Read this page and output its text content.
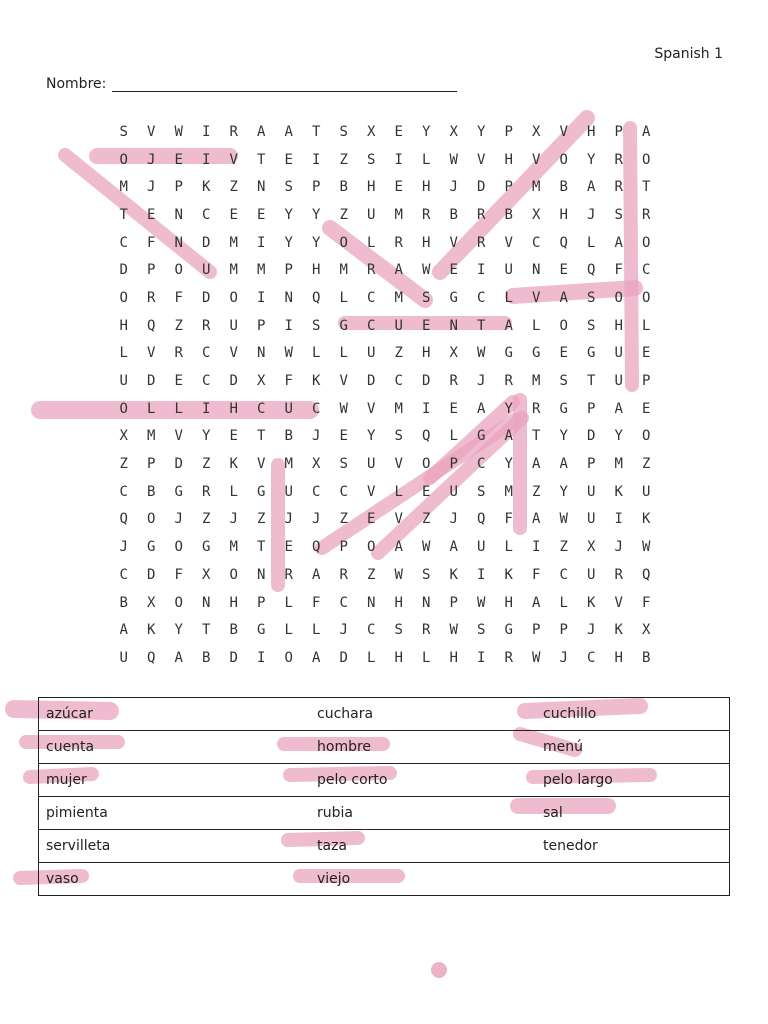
Spanish 1
Nombre:
S	V	W	I	R	A	A	T	S	X	E	Y	X	Y	P	X	V	H	P	A
O	J	E	I	V	T	E	I	Z	S	I	L	W	V	H	V	O	Y	R	O
M	J	P	K	Z	N	S	P	B	H	E	H	J	D	P	M	B	A	R	T
T	E	N	C	E	E	Y	Y	Z	U	M	R	B	R	B	X	H	J	S	R
C	F	N	D	M	I	Y	Y	O	L	R	H	V	R	V	C	Q	L	A	O
D	P	O	U	M	M	P	H	M	R	A	W	E	I	U	N	E	Q	F	C
O	R	F	D	O	I	N	Q	L	C	M	S	G	C	L	V	A	S	O	O
H	Q	Z	R	U	P	I	S	G	C	U	E	N	T	A	L	O	S	H	L
L	V	R	C	V	N	W	L	L	U	Z	H	X	W	G	G	E	G	U	E
U	D	E	C	D	X	F	K	V	D	C	D	R	J	R	M	S	T	U	P
O	L	L	I	H	C	U	C	W	V	M	I	E	A	Y	R	G	P	A	E
X	M	V	Y	E	T	B	J	E	Y	S	Q	L	G	A	T	Y	D	Y	O
Z	P	D	Z	K	V	M	X	S	U	V	O	P	C	Y	A	A	P	M	Z
C	B	G	R	L	G	U	C	C	V	L	E	U	S	M	Z	Y	U	K	U
Q	O	J	Z	J	Z	J	J	Z	E	V	Z	J	Q	F	A	W	U	I	K
J	G	O	G	M	T	E	Q	P	O	A	W	A	U	L	I	Z	X	J	W
C	D	F	X	O	N	R	A	R	Z	W	S	K	I	K	F	C	U	R	Q
B	X	O	N	H	P	L	F	C	N	H	N	P	W	H	A	L	K	V	F
A	K	Y	T	B	G	L	L	J	C	S	R	W	S	G	P	P	J	K	X
U	Q	A	B	D	I	O	A	D	L	H	L	H	I	R	W	J	C	H	B
azúcar	cuchara	cuchillo
cuenta	hombre	menú
mujer	pelo corto	pelo largo
pimienta	rubia	sal
servilleta	taza	tenedor
vaso	viejo	
